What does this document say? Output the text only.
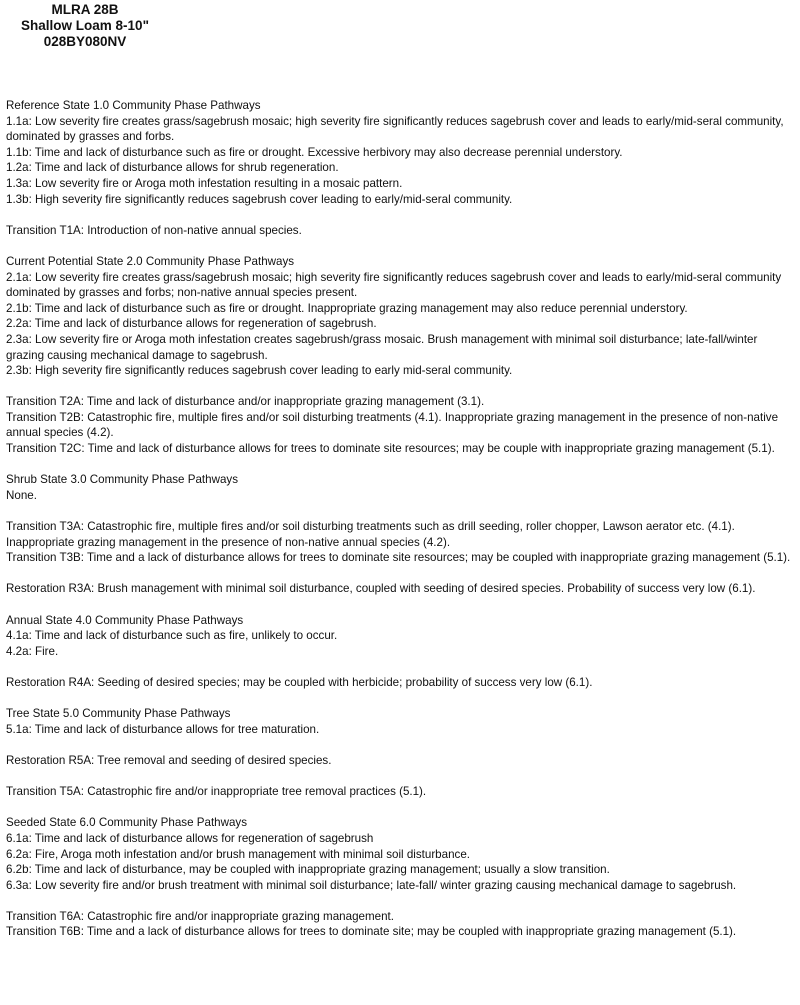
MLRA 28B
Shallow Loam 8-10"
028BY080NV
Reference State 1.0 Community Phase Pathways
1.1a: Low severity fire creates grass/sagebrush mosaic; high severity fire significantly reduces sagebrush cover and leads to early/mid-seral community, dominated by grasses and forbs.
1.1b: Time and lack of disturbance such as fire or drought. Excessive herbivory may also decrease perennial understory.
1.2a: Time and lack of disturbance allows for shrub regeneration.
1.3a: Low severity fire or Aroga moth infestation resulting in a mosaic pattern.
1.3b: High severity fire significantly reduces sagebrush cover leading to early/mid-seral community.
Transition T1A: Introduction of non-native annual species.
Current Potential State 2.0 Community Phase Pathways
2.1a: Low severity fire creates grass/sagebrush mosaic; high severity fire significantly reduces sagebrush cover and leads to early/mid-seral community dominated by grasses and forbs; non-native annual species present.
2.1b: Time and lack of disturbance such as fire or drought. Inappropriate grazing management may also reduce perennial understory.
2.2a: Time and lack of disturbance allows for regeneration of sagebrush.
2.3a: Low severity fire or Aroga moth infestation creates sagebrush/grass mosaic. Brush management with minimal soil disturbance; late-fall/winter grazing causing mechanical damage to sagebrush.
2.3b: High severity fire significantly reduces sagebrush cover leading to early mid-seral community.
Transition T2A: Time and lack of disturbance and/or inappropriate grazing management (3.1).
Transition T2B: Catastrophic fire, multiple fires and/or soil disturbing treatments (4.1). Inappropriate grazing management in the presence of non-native annual species (4.2).
Transition T2C: Time and lack of disturbance allows for trees to dominate site resources; may be couple with inappropriate grazing management (5.1).
Shrub State 3.0 Community Phase Pathways
None.
Transition T3A: Catastrophic fire, multiple fires and/or soil disturbing treatments such as drill seeding, roller chopper, Lawson aerator etc. (4.1). Inappropriate grazing management in the presence of non-native annual species (4.2).
Transition T3B: Time and a lack of disturbance allows for trees to dominate site resources; may be coupled with inappropriate grazing management (5.1).
Restoration R3A: Brush management with minimal soil disturbance, coupled with seeding of desired species. Probability of success very low (6.1).
Annual State 4.0 Community Phase Pathways
4.1a: Time and lack of disturbance such as fire, unlikely to occur.
4.2a: Fire.
Restoration R4A: Seeding of desired species; may be coupled with herbicide; probability of success very low (6.1).
Tree State 5.0 Community Phase Pathways
5.1a: Time and lack of disturbance allows for tree maturation.
Restoration R5A: Tree removal and seeding of desired species.
Transition T5A: Catastrophic fire and/or inappropriate tree removal practices (5.1).
Seeded State 6.0 Community Phase Pathways
6.1a: Time and lack of disturbance allows for regeneration of sagebrush
6.2a: Fire, Aroga moth infestation and/or brush management with minimal soil disturbance.
6.2b: Time and lack of disturbance, may be coupled with inappropriate grazing management; usually a slow transition.
6.3a: Low severity fire and/or brush treatment with minimal soil disturbance; late-fall/ winter grazing causing mechanical damage to sagebrush.
Transition T6A: Catastrophic fire and/or inappropriate grazing management.
Transition T6B: Time and a lack of disturbance allows for trees to dominate site; may be coupled with inappropriate grazing management (5.1).
